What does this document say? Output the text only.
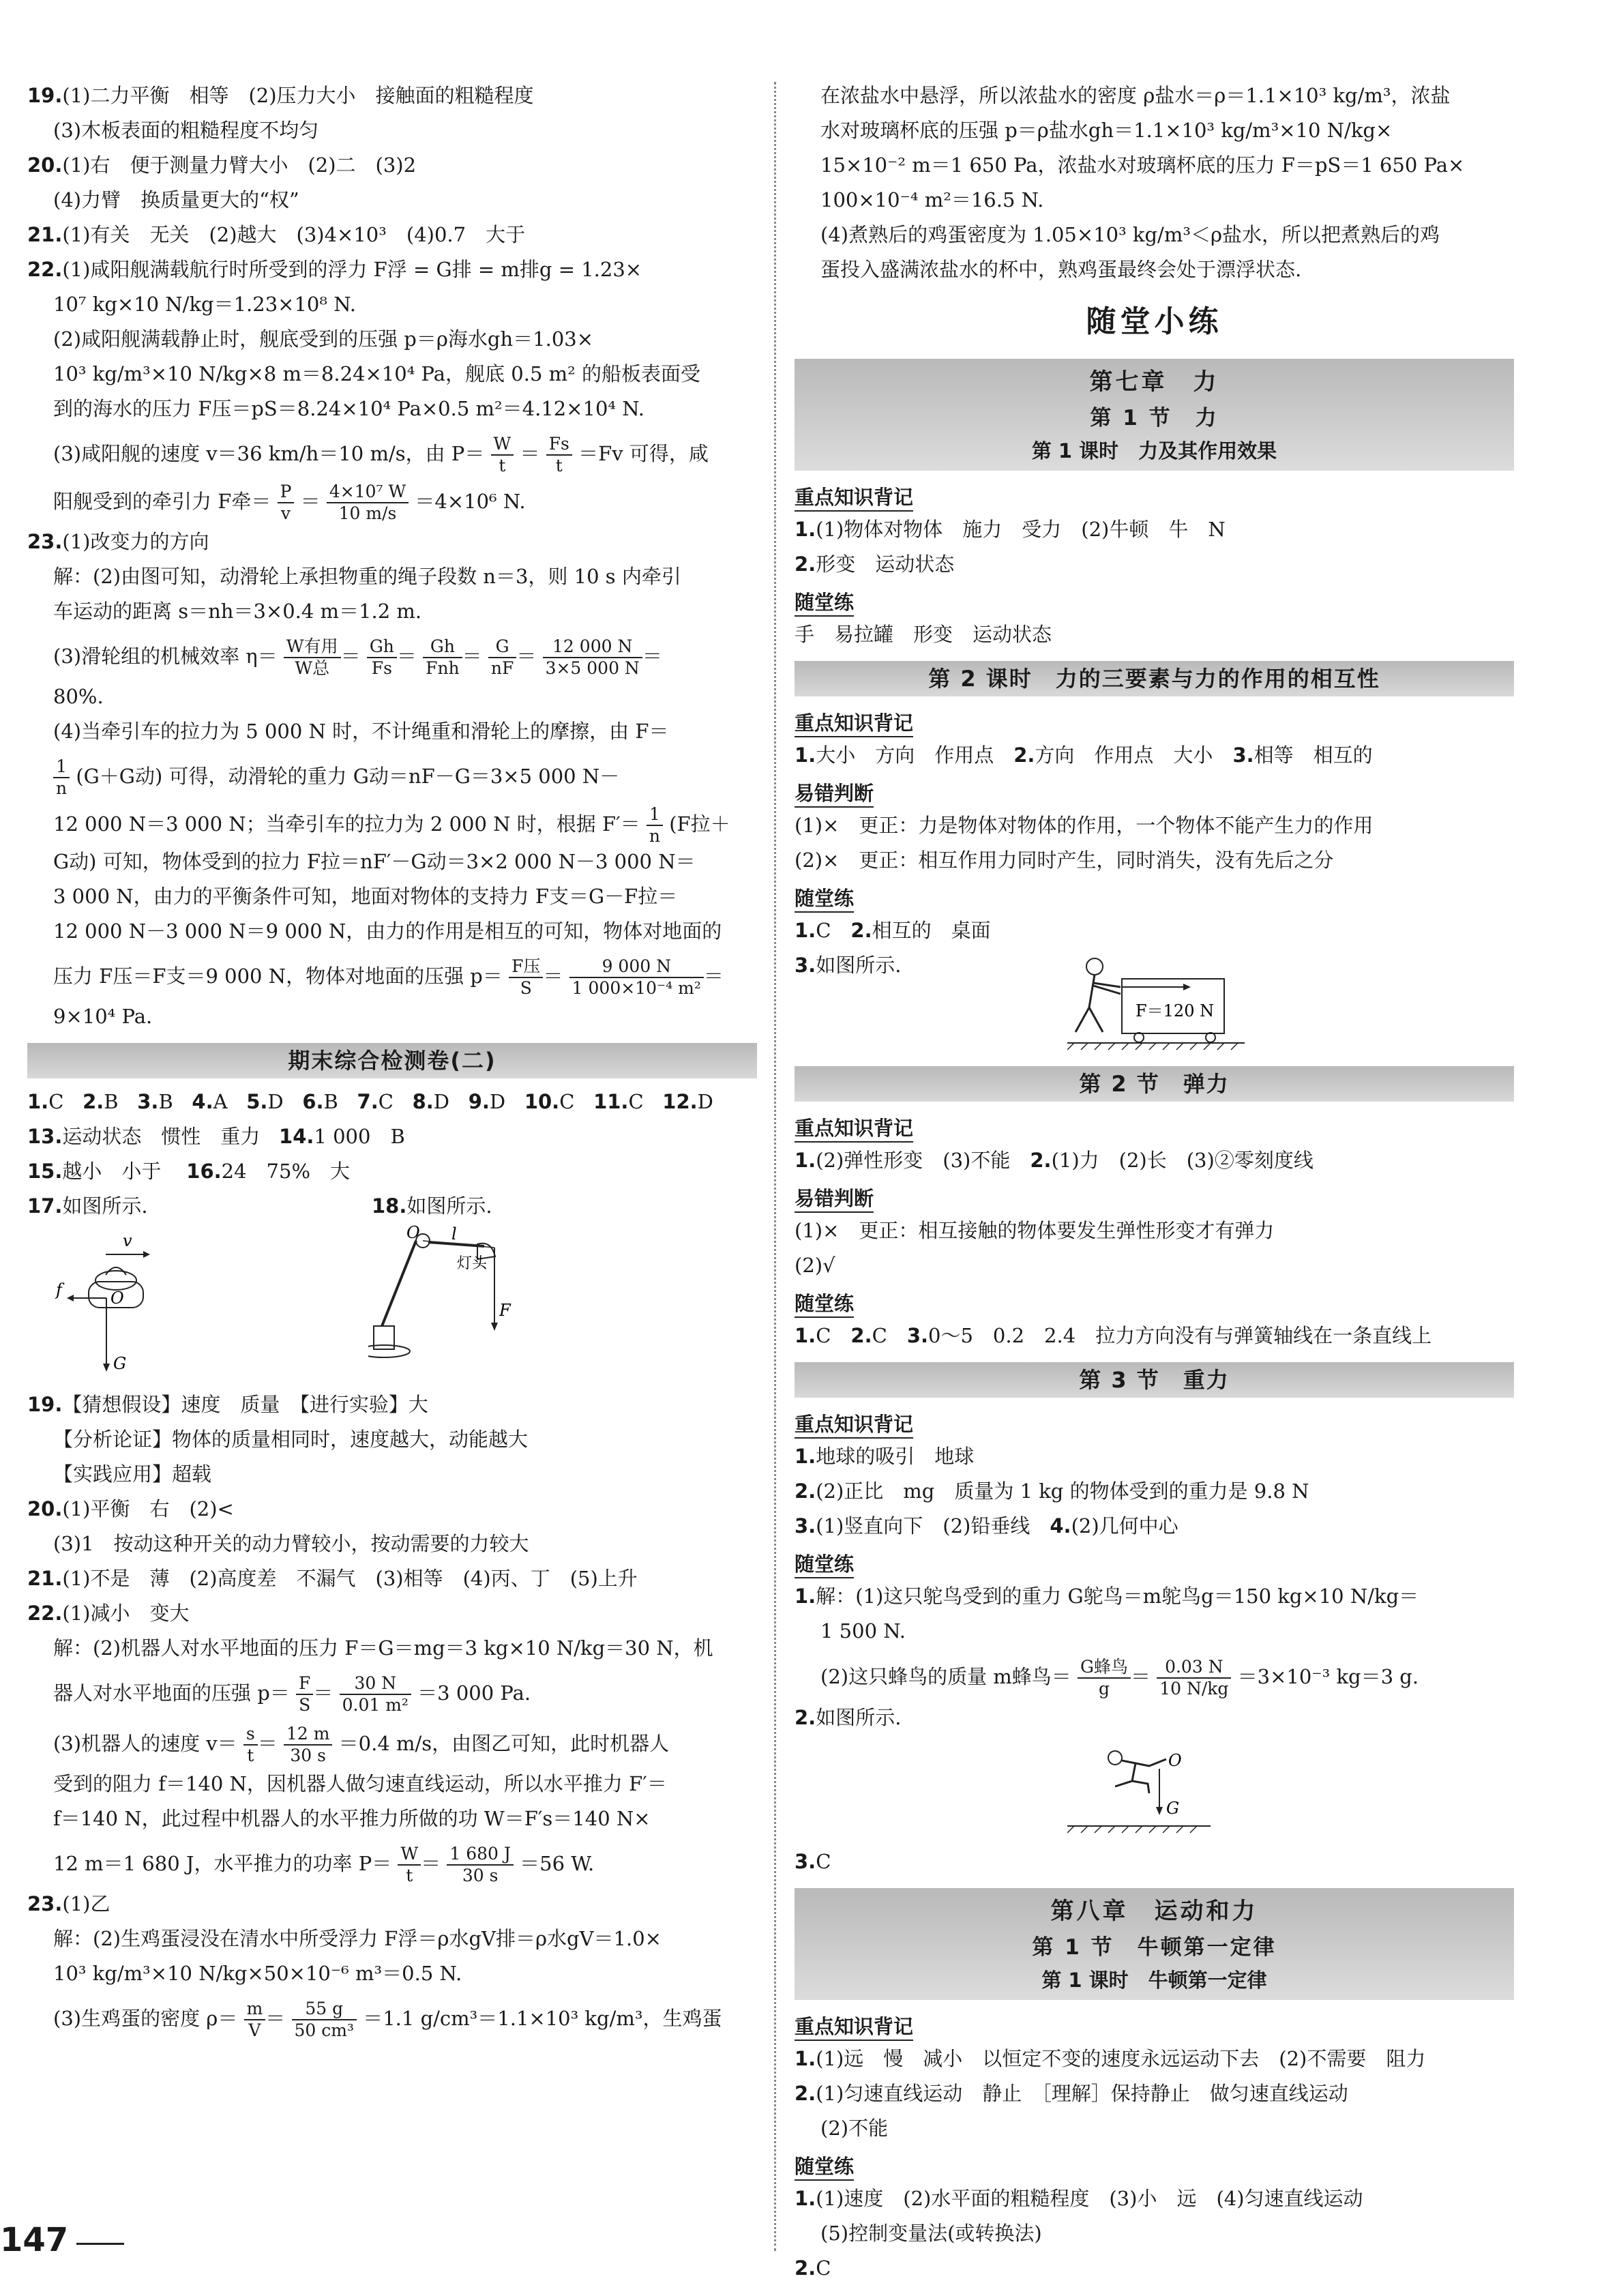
19.(1)二力平衡　相等　(2)压力大小　接触面的粗糙程度
(3)木板表面的粗糙程度不均匀
20.(1)右　便于测量力臂大小　(2)二　(3)2
(4)力臂　换质量更大的“权”
21.(1)有关　无关　(2)越大　(3)4×10³　(4)0.7　大于
22.(1)咸阳舰满载航行时所受到的浮力 F浮 = G排 = m排g = 1.23×
10⁷ kg×10 N/kg＝1.23×10⁸ N.
(2)咸阳舰满载静止时，舰底受到的压强 p＝ρ海水gh＝1.03×
10³ kg/m³×10 N/kg×8 m＝8.24×10⁴ Pa，舰底 0.5 m² 的船板表面受
到的海水的压力 F压＝pS＝8.24×10⁴ Pa×0.5 m²＝4.12×10⁴ N.
(3)咸阳舰的速度 v＝36 km/h＝10 m/s，由 $P= \frac{W}{t} = \frac{Fs}{t} =Fv$ 可得，咸
阳舰受到的牵引力 F牵＝ $\frac{P}{v} = \frac{\text{4×10⁷ W}}{10 m/s} =4\times 10^6$ N.
23.(1)改变力的方向
解：(2)由图可知，动滑轮上承担物重的绳子段数 n＝3，则 10 s 内牵引
车运动的距离 s＝nh＝3×0.4 m＝1.2 m.
(3)滑轮组的机械效率 $\eta= \frac{\text{W有用}}{\text{W总}} = \frac{Gh}{Fs} = \frac{Gh}{\text{Fnh}} = \frac{G}{nF} = \frac{12 000 N}{3\times 5 000 N}$ ＝
80%.
(4)当牵引车的拉力为 5 000 N 时，不计绳重和滑轮上的摩擦，由 F＝
$\frac{1}{n} (G+G$动) 可得，动滑轮的重力 G动＝nF－G＝3×5 000 N－
12 000 N＝3 000 N；当牵引车的拉力为 2 000 N 时，根据 $F'= \frac{1}{n} (F$拉＋
G动) 可知，物体受到的拉力 F拉＝nF′－G动＝3×2 000 N－3 000 N＝
3 000 N，由力的平衡条件可知，地面对物体的支持力 F支＝G－F拉＝
12 000 N－3 000 N＝9 000 N，由力的作用是相互的可知，物体对地面的
压力 F压＝F支＝9 000 N，物体对地面的压强 $p= \frac{\text{F压}}{S} = \frac{9 000 N}{\text{1 000×10⁻⁴ m²}}$ ＝
9×10⁴ Pa.
期末综合检测卷(二)
1.C 2.B 3.B 4.A 5.D 6.B 7.C 8.D 9.D 10.C 11.C 12.D
13.运动状态　惯性　重力 14.1 000　B
15.越小　小于 16.24　75%　大
17.如图所示.	18.如图所示.
v
f	O
G
O l
灯头
F
19.【猜想假设】速度　质量　【进行实验】大
【分析论证】物体的质量相同时，速度越大，动能越大
【实践应用】超载
20.(1)平衡　右　(2)<
(3)1　按动这种开关的动力臂较小，按动需要的力较大
21.(1)不是　薄　(2)高度差　不漏气　(3)相等　(4)丙、丁　(5)上升
22.(1)减小　变大
解：(2)机器人对水平地面的压力 F＝G＝mg＝3 kg×10 N/kg＝30 N，机
器人对水平地面的压强 $p= \frac{F}{S} = \frac{30 N}{\text{0.01 m²}} =3$ 000 Pa.
(3)机器人的速度 $v= \frac{s}{t} = \frac{12 m}{30 s} =0.4$ m/s，由图乙可知，此时机器人
受到的阻力 f＝140 N，因机器人做匀速直线运动，所以水平推力 F′＝
f＝140 N，此过程中机器人的水平推力所做的功 W＝F′s＝140 N×
12 m＝1 680 J，水平推力的功率 $P= \frac{W}{t} = \frac{1 680 J}{30 s} =56$ W.
23.(1)乙
解：(2)生鸡蛋浸没在清水中所受浮力 F浮＝ρ水gV排＝ρ水gV＝1.0×
10³ kg/m³×10 N/kg×50×10⁻⁶ m³＝0.5 N.
(3)生鸡蛋的密度 $\rho= \frac{m}{V} = \frac{55 g}{\text{50 cm³}} =1.1$ g/cm³＝1.1×10³ kg/m³，生鸡蛋
在浓盐水中悬浮，所以浓盐水的密度 ρ盐水＝ρ＝1.1×10³ kg/m³，浓盐
水对玻璃杯底的压强 p＝ρ盐水gh＝1.1×10³ kg/m³×10 N/kg×
15×10⁻² m＝1 650 Pa，浓盐水对玻璃杯底的压力 F＝pS＝1 650 Pa×
100×10⁻⁴ m²＝16.5 N.
(4)煮熟后的鸡蛋密度为 1.05×10³ kg/m³＜ρ盐水，所以把煮熟后的鸡
蛋投入盛满浓盐水的杯中，熟鸡蛋最终会处于漂浮状态.
随堂小练
第七章　力
第 1 节　力
第 1 课时　力及其作用效果
重点知识背记
1.(1)物体对物体　施力　受力　(2)牛顿　牛　N
2.形变　运动状态
随堂练
手　易拉罐　形变　运动状态
第 2 课时　力的三要素与力的作用的相互性
重点知识背记
1.大小　方向　作用点　2.方向　作用点　大小　3.相等　相互的
易错判断
(1)×　更正：力是物体对物体的作用，一个物体不能产生力的作用
(2)×　更正：相互作用力同时产生，同时消失，没有先后之分
随堂练
1.C　2.相互的　桌面
3.如图所示.
F＝120 N
第 2 节　弹力
重点知识背记
1.(2)弹性形变　(3)不能　2.(1)力　(2)长　(3)②零刻度线
易错判断
(1)×　更正：相互接触的物体要发生弹性形变才有弹力
(2)√
随堂练
1.C　2.C　3.0～5　0.2　2.4　拉力方向没有与弹簧轴线在一条直线上
第 3 节　重力
重点知识背记
1.地球的吸引　地球
2.(2)正比　mg　质量为 1 kg 的物体受到的重力是 9.8 N
3.(1)竖直向下　(2)铅垂线　4.(2)几何中心
随堂练
1.解：(1)这只鸵鸟受到的重力 G鸵鸟＝m鸵鸟g＝150 kg×10 N/kg＝
1 500 N.
(2)这只蜂鸟的质量 m蜂鸟＝ $\frac{\text{G蜂鸟}}{g} = \frac{0.03 N}{10 N/kg} =3\times 10^{-3}$ kg＝3 g.
2.如图所示.
O
G
3.C
第八章　运动和力
第 1 节　牛顿第一定律
第 1 课时　牛顿第一定律
重点知识背记
1.(1)远　慢　减小　以恒定不变的速度永远运动下去　(2)不需要　阻力
2.(1)匀速直线运动　静止　［理解］保持静止　做匀速直线运动
(2)不能
随堂练
1.(1)速度　(2)水平面的粗糙程度　(3)小　远　(4)匀速直线运动
(5)控制变量法(或转换法)
2.C
147
